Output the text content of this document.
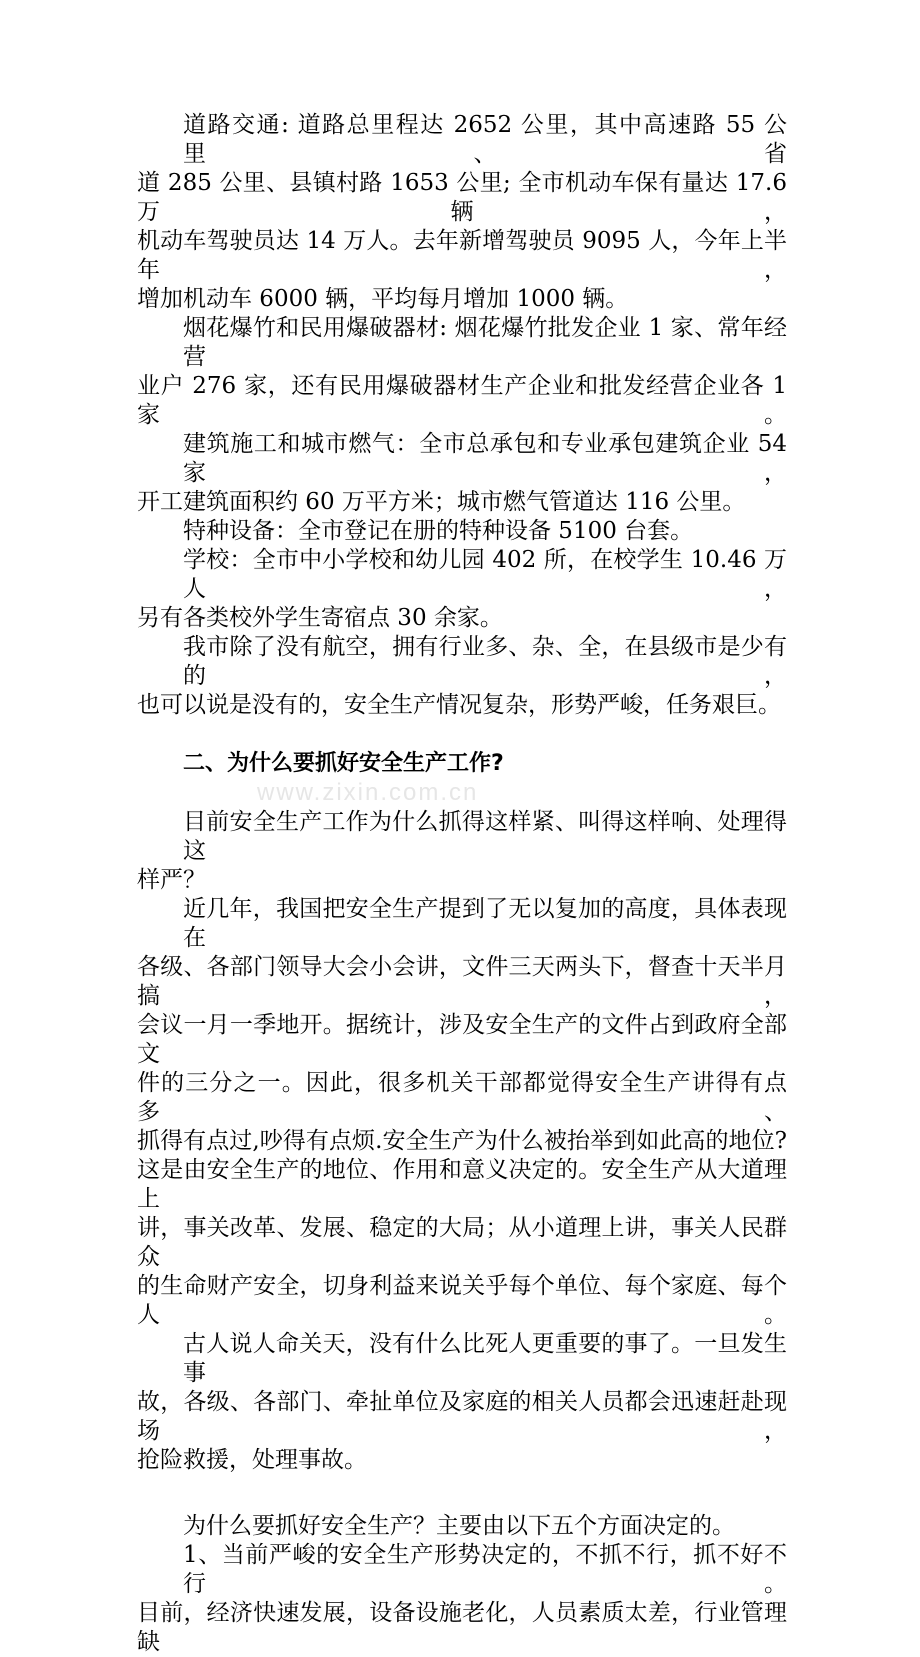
道路交通: 道路总里程达 2652 公里，其中高速路 55 公里、省
道 285 公里、县镇村路 1653 公里; 全市机动车保有量达 17.6 万辆，
机动车驾驶员达 14 万人。去年新增驾驶员 9095 人，今年上半年，
增加机动车 6000 辆，平均每月增加 1000 辆。
烟花爆竹和民用爆破器材: 烟花爆竹批发企业 1 家、常年经营
业户 276 家，还有民用爆破器材生产企业和批发经营企业各 1 家。
建筑施工和城市燃气：全市总承包和专业承包建筑企业 54 家，
开工建筑面积约 60 万平方米；城市燃气管道达 116 公里。
特种设备：全市登记在册的特种设备 5100 台套。
学校：全市中小学校和幼儿园 402 所，在校学生 10.46 万人，
另有各类校外学生寄宿点 30 余家。
我市除了没有航空，拥有行业多、杂、全，在县级市是少有的，
也可以说是没有的，安全生产情况复杂，形势严峻，任务艰巨。
二、为什么要抓好安全生产工作?
www.zixin.com.cn
目前安全生产工作为什么抓得这样紧、叫得这样响、处理得这
样严？
近几年，我国把安全生产提到了无以复加的高度，具体表现在
各级、各部门领导大会小会讲，文件三天两头下，督查十天半月搞，
会议一月一季地开。据统计，涉及安全生产的文件占到政府全部文
件的三分之一。因此，很多机关干部都觉得安全生产讲得有点多、
抓得有点过,吵得有点烦.安全生产为什么被抬举到如此高的地位?
这是由安全生产的地位、作用和意义决定的。安全生产从大道理上
讲，事关改革、发展、稳定的大局；从小道理上讲，事关人民群众
的生命财产安全，切身利益来说关乎每个单位、每个家庭、每个人。
古人说人命关天，没有什么比死人更重要的事了。一旦发生事
故，各级、各部门、牵扯单位及家庭的相关人员都会迅速赶赴现场，
抢险救援，处理事故。
为什么要抓好安全生产？主要由以下五个方面决定的。
1、当前严峻的安全生产形势决定的，不抓不行，抓不好不行。
目前，经济快速发展，设备设施老化，人员素质太差，行业管理缺
